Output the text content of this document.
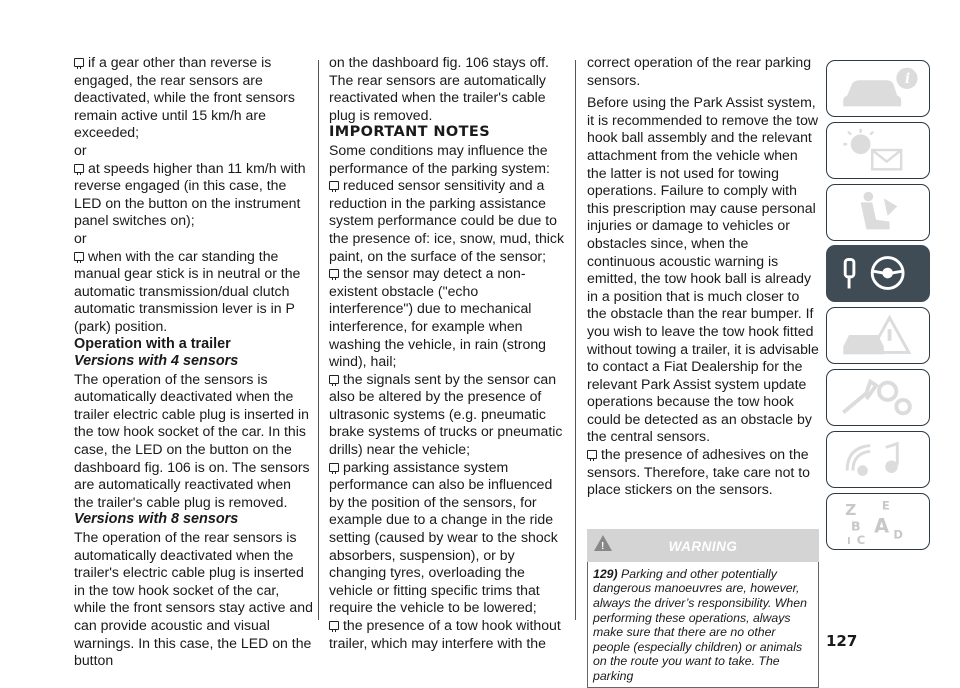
if a gear other than reverse is engaged, the rear sensors are deactivated, while the front sensors remain active until 15 km/h are exceeded;

or

at speeds higher than 11 km/h with reverse engaged (in this case, the LED on the button on the instrument panel switches on);

or

when with the car standing the manual gear stick is in neutral or the automatic transmission/dual clutch automatic transmission lever is in P (park) position.

Operation with a trailer

Versions with 4 sensors

The operation of the sensors is automatically deactivated when the trailer electric cable plug is inserted in the tow hook socket of the car. In this case, the LED on the button on the dashboard fig. 106 is on. The sensors are automatically reactivated when the trailer's cable plug is removed.

Versions with 8 sensors

The operation of the rear sensors is automatically deactivated when the trailer's electric cable plug is inserted in the tow hook socket of the car, while the front sensors stay active and can provide acoustic and visual warnings. In this case, the LED on the button

on the dashboard fig. 106 stays off. The rear sensors are automatically reactivated when the trailer's cable plug is removed.

IMPORTANT NOTES

Some conditions may influence the performance of the parking system:

reduced sensor sensitivity and a reduction in the parking assistance system performance could be due to the presence of: ice, snow, mud, thick paint, on the surface of the sensor;

the sensor may detect a non-existent obstacle ("echo interference") due to mechanical interference, for example when washing the vehicle, in rain (strong wind), hail;

the signals sent by the sensor can also be altered by the presence of ultrasonic systems (e.g. pneumatic brake systems of trucks or pneumatic drills) near the vehicle;

parking assistance system performance can also be influenced by the position of the sensors, for example due to a change in the ride setting (caused by wear to the shock absorbers, suspension), or by changing tyres, overloading the vehicle or fitting specific trims that require the vehicle to be lowered;

the presence of a tow hook without trailer, which may interfere with the

correct operation of the rear parking sensors.

Before using the Park Assist system, it is recommended to remove the tow hook ball assembly and the relevant attachment from the vehicle when the latter is not used for towing operations. Failure to comply with this prescription may cause personal injuries or damage to vehicles or obstacles since, when the continuous acoustic warning is emitted, the tow hook ball is already in a position that is much closer to the obstacle than the rear bumper. If you wish to leave the tow hook fitted without towing a trailer, it is advisable to contact a Fiat Dealership for the relevant Park Assist system update operations because the tow hook could be detected as an obstacle by the central sensors.

the presence of adhesives on the sensors. Therefore, take care not to place stickers on the sensors.

!
WARNING
129) Parking and other potentially dangerous manoeuvres are, however, always the driver’s responsibility. When performing these operations, always make sure that there are no other people (especially children) or animals on the route you want to take. The parking
i
Z E
B A
C D
I
127
